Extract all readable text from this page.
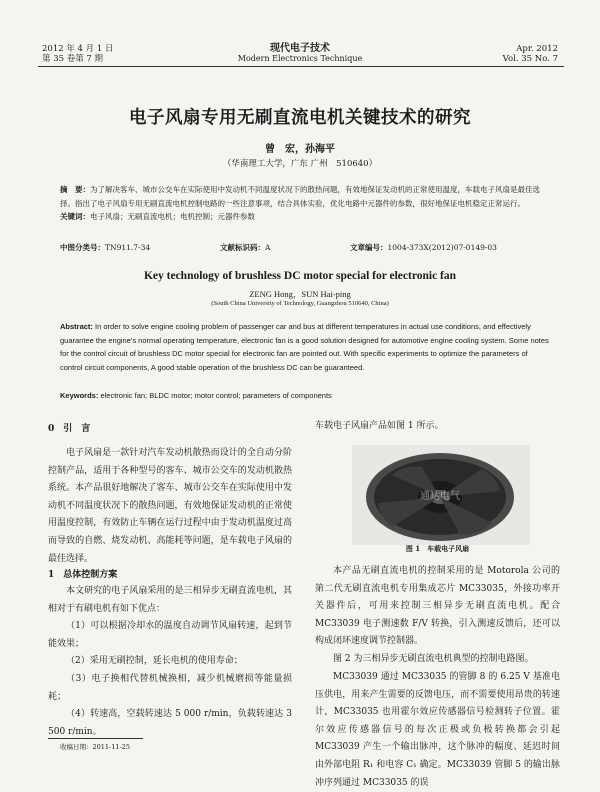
2012 年 4 月 1 日
第 35 卷第 7 期
现代电子技术
Modern Electronics Technique
Apr. 2012
Vol. 35 No. 7
电子风扇专用无刷直流电机关键技术的研究
曾　宏，孙海平
（华南理工大学，广东 广州　510640）
摘　要：为了解决客车、城市公交车在实际使用中发动机不同温度状况下的散热问题，有效地保证发动机的正常使用温度，车载电子风扇是最佳选择。指出了电子风扇专用无刷直流电机控制电路的一些注意事项，结合具体实验，优化电路中元器件的参数，很好地保证电机稳定正常运行。
关键词：电子风扇；无刷直流电机；电机控制；元器件参数
中图分类号：TN911.7-34	文献标识码：A	文章编号：1004-373X(2012)07-0149-03
Key technology of brushless DC motor special for electronic fan
ZENG Hong，SUN Hai-ping
(South China University of Technology, Guangzhou 510640, China)
Abstract: In order to solve engine cooling problem of passenger car and bus at different temperatures in actual use conditions, and effectively guarantee the engine's normal operating temperature, electronic fan is a good solution designed for automotive engine cooling system. Some notes for the control circuit of brushless DC motor special for electronic fan are pointed out. With specific experiments to optimize the parameters of control circuit components, A good stable operation of the brushless DC can be guaranteed.
Keywords: electronic fan; BLDC motor; motor control; parameters of components
0　引　言
电子风扇是一款针对汽车发动机散热而设计的全自动分阶控制产品，适用于各种型号的客车、城市公交车的发动机散热系统。本产品很好地解决了客车、城市公交车在实际使用中发动机不同温度状况下的散热问题，有效地保证发动机的正常使用温度控制，有效防止车辆在运行过程中由于发动机温度过高而导致的自燃、烧发动机、高能耗等问题，是车载电子风扇的最佳选择。
1　总体控制方案
本文研究的电子风扇采用的是三相异步无刷直流电机，其相对于有刷电机有如下优点：
（1）可以根据冷却水的温度自动调节风扇转速，起到节能效果；
（2）采用无刷控制，延长电机的使用寿命；
（3）电子换相代替机械换相，减少机械磨损等能量损耗；
（4）转速高，空载转速达 5 000 r/min，负载转速达 3 500 r/min。
收稿日期：2011-11-25
车载电子风扇产品如图 1 所示。
通达电气
图 1　车载电子风扇
本产品无刷直流电机的控制采用的是 Motorola 公司的第二代无刷直流电机专用集成芯片 MC33035，外接功率开关器件后，可用来控制三相异步无刷直流电机。配合 MC33039 电子测速数 F/V 转换，引入测速反馈后，还可以构成闭环速度调节控制器。
图 2 为三相异步无刷直流电机典型的控制电路图。
MC33039 通过 MC33035 的管脚 8 的 6.25 V 基准电压供电，用来产生需要的反馈电压，而不需要使用昂贵的转速计，MC33035 也用霍尔效应传感器信号检测转子位置。霍尔效应传感器信号的每次正极或负极转换都会引起 MC33039 产生一个输出脉冲，这个脉冲的幅度、延迟时间由外部电阻 R₁ 和电容 C₁ 确定。MC33039 管脚 5 的输出脉冲序列通过 MC33035 的误
